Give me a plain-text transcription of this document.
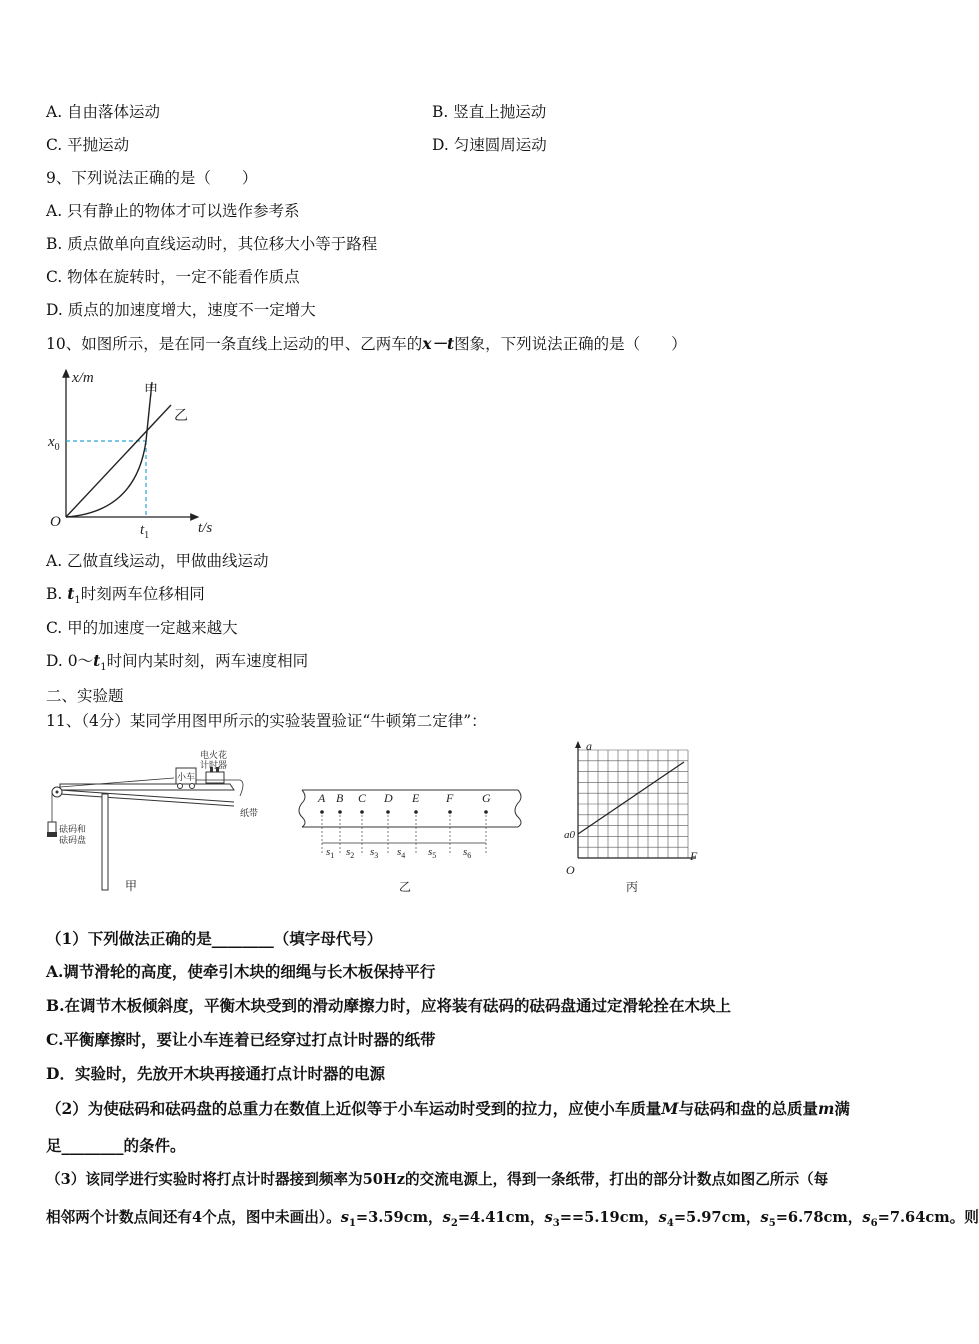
A. 自由落体运动	B. 竖直上抛运动
C. 平抛运动	D. 匀速圆周运动
9、下列说法正确的是（　　）
A. 只有静止的物体才可以选作参考系
B. 质点做单向直线运动时，其位移大小等于路程
C. 物体在旋转时，一定不能看作质点
D. 质点的加速度增大，速度不一定增大
10、如图所示，是在同一条直线上运动的甲、乙两车的x－t图象，下列说法正确的是（　　）
x/m
t/s
O
$x_0$
$t_1$
甲
乙
A. 乙做直线运动，甲做曲线运动
B. $t_1$时刻两车位移相同
C. 甲的加速度一定越来越大
D. $0\sim t_1$时间内某时刻，两车速度相同
二、实验题
11、（4分）某同学用图甲所示的实验装置验证“牛顿第二定律”：
小车
电火花
计时器
纸带
砝码和
砝码盘
甲
A B C D E F G
$s_1$ $s_2$ $s_3$ $s_4$ $s_5$ $s_6$
乙
a
F
O
a0
丙
（1）下列做法正确的是________（填字母代号）
A.调节滑轮的高度，使牵引木块的细绳与长木板保持平行
B.在调节木板倾斜度，平衡木块受到的滑动摩擦力时，应将装有砝码的砝码盘通过定滑轮拴在木块上
C.平衡摩擦时，要让小车连着已经穿过打点计时器的纸带
D．实验时，先放开木块再接通打点计时器的电源
（2）为使砝码和砝码盘的总重力在数值上近似等于小车运动时受到的拉力，应使小车质量M与砝码和盘的总质量m满
足________的条件。
（3）该同学进行实验时将打点计时器接到频率为50Hz的交流电源上，得到一条纸带，打出的部分计数点如图乙所示（每
相邻两个计数点间还有4个点，图中未画出）。$s_1=3.59cm$，$s_2=4.41cm$，$s_3==5.19cm$，$s_4=5.97cm$，$s_5=6.78cm$，$s_6=7.64cm$。则
